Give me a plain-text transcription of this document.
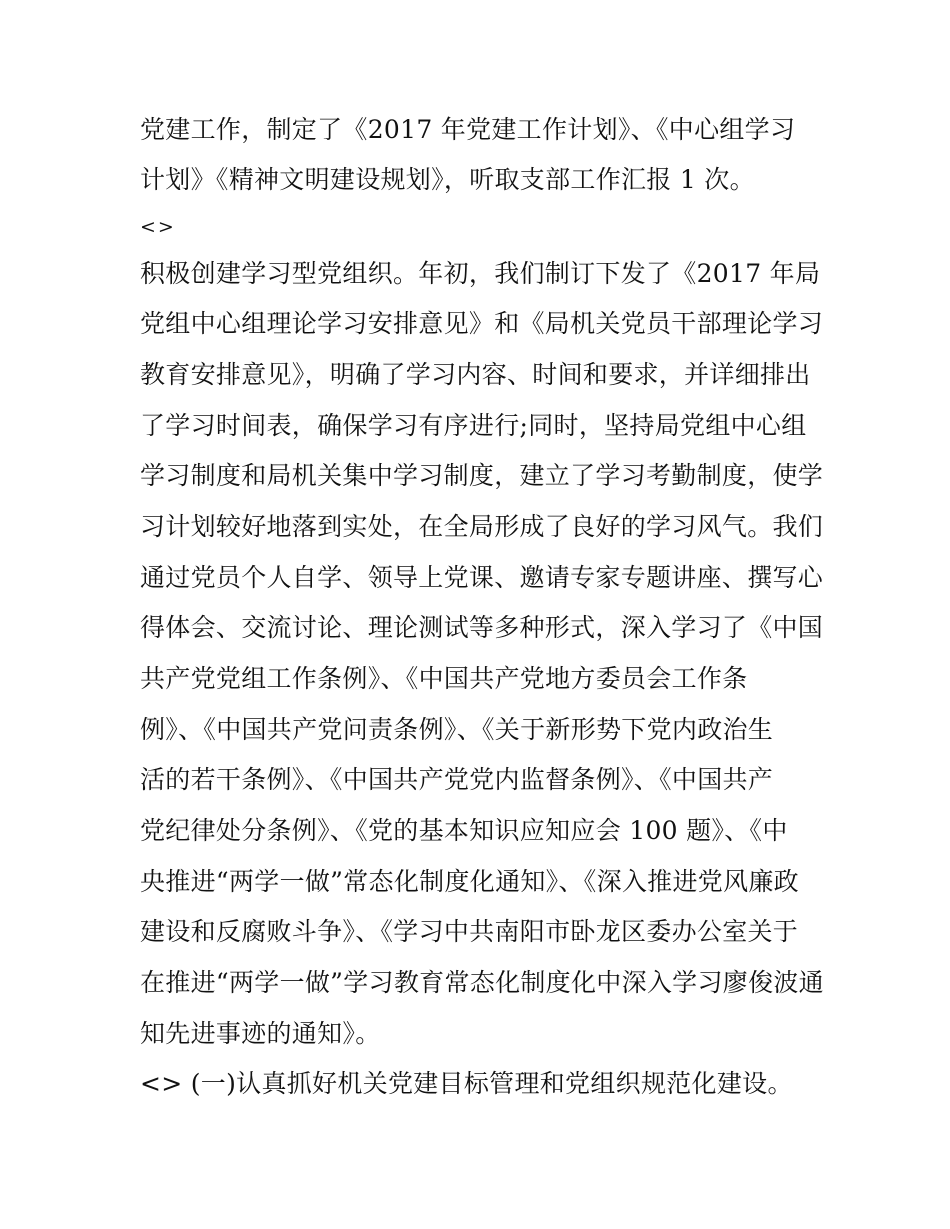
党建工作，制定了《2017 年党建工作计划》、《中心组学习
计划》《精神文明建设规划》，听取支部工作汇报 1 次。
<>
积极创建学习型党组织。年初，我们制订下发了《2017 年局
党组中心组理论学习安排意见》和《局机关党员干部理论学习
教育安排意见》，明确了学习内容、时间和要求，并详细排出
了学习时间表，确保学习有序进行;同时，坚持局党组中心组
学习制度和局机关集中学习制度，建立了学习考勤制度，使学
习计划较好地落到实处，在全局形成了良好的学习风气。我们
通过党员个人自学、领导上党课、邀请专家专题讲座、撰写心
得体会、交流讨论、理论测试等多种形式，深入学习了《中国
共产党党组工作条例》、《中国共产党地方委员会工作条
例》、《中国共产党问责条例》、《关于新形势下党内政治生
活的若干条例》、《中国共产党党内监督条例》、《中国共产
党纪律处分条例》、《党的基本知识应知应会 100 题》、《中
央推进“两学一做”常态化制度化通知》、《深入推进党风廉政
建设和反腐败斗争》、《学习中共南阳市卧龙区委办公室关于
在推进“两学一做”学习教育常态化制度化中深入学习廖俊波通
知先进事迹的通知》。
<> (一)认真抓好机关党建目标管理和党组织规范化建设。
